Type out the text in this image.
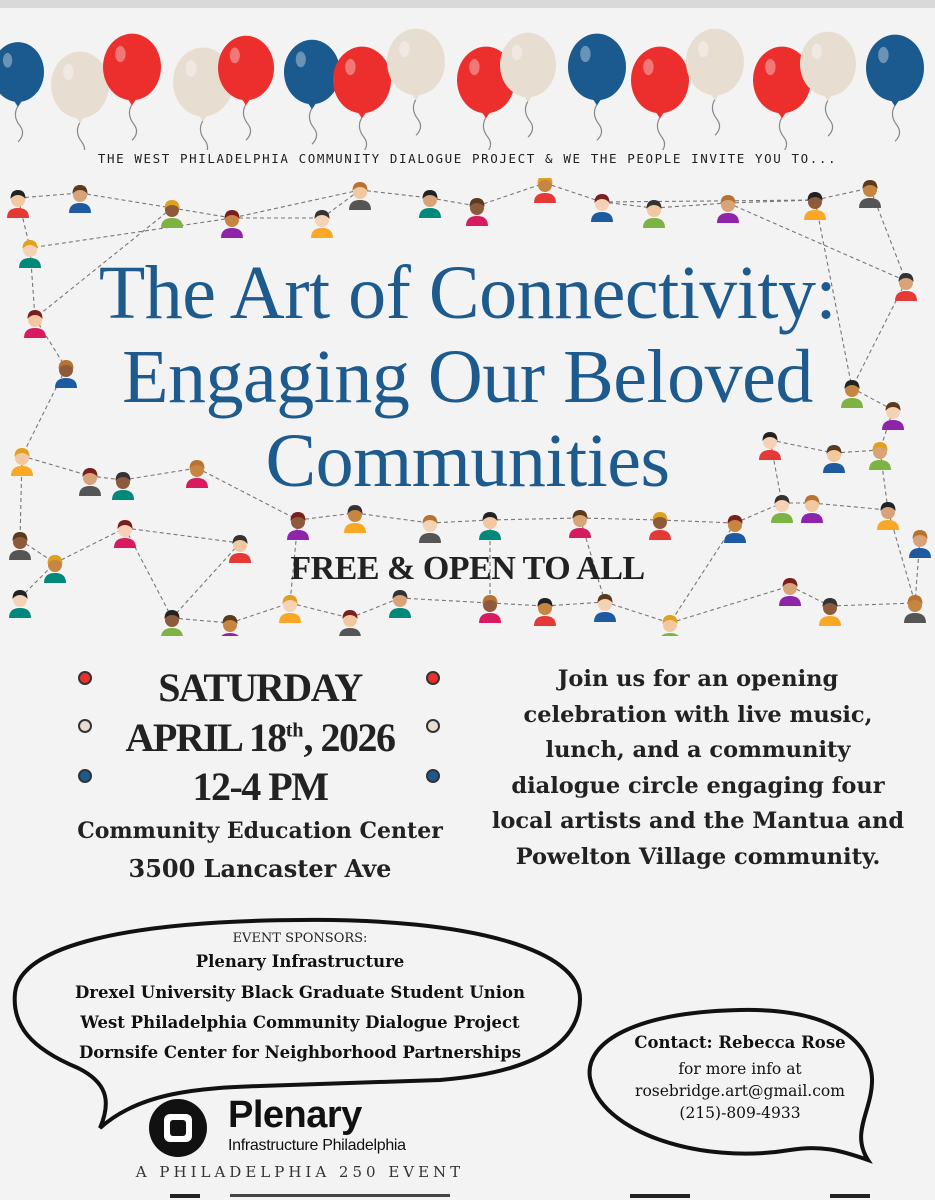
THE WEST PHILADELPHIA COMMUNITY DIALOGUE PROJECT & WE THE PEOPLE INVITE YOU TO...
The Art of Connectivity:
Engaging Our Beloved
Communities
FREE & OPEN TO ALL
SATURDAY
APRIL 18th, 2026
12-4 PM
Community Education Center
3500 Lancaster Ave
Join us for an opening celebration with live music, lunch, and a community dialogue circle engaging four local artists and the Mantua and Powelton Village community.
EVENT SPONSORS:
Plenary Infrastructure
Drexel University Black Graduate Student Union
West Philadelphia Community Dialogue Project
Dornsife Center for Neighborhood Partnerships
Contact: Rebecca Rose
for more info at
rosebridge.art@gmail.com
(215)-809-4933
Plenary
Infrastructure Philadelphia
A PHILADELPHIA 250 EVENT
